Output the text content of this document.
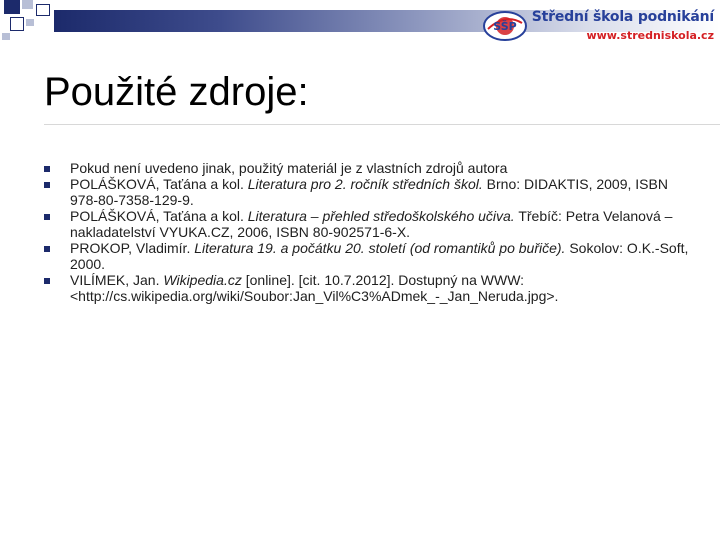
SŠP
Střední škola podnikání
www.stredniskola.cz
Použité zdroje:
Pokud není uvedeno jinak, použitý materiál je z vlastních zdrojů autora
POLÁŠKOVÁ, Taťána a kol. Literatura pro 2. ročník středních škol. Brno: DIDAKTIS, 2009, ISBN 978-80-7358-129-9.
POLÁŠKOVÁ, Taťána a kol. Literatura – přehled středoškolského učiva. Třebíč: Petra Velanová – nakladatelství VYUKA.CZ, 2006, ISBN 80-902571-6-X.
PROKOP, Vladimír. Literatura 19. a počátku 20. století (od romantiků po buřiče). Sokolov: O.K.-Soft, 2000.
VILÍMEK, Jan. Wikipedia.cz [online]. [cit. 10.7.2012]. Dostupný na WWW: <http://cs.wikipedia.org/wiki/Soubor:Jan_Vil%C3%ADmek_-_Jan_Neruda.jpg>.
